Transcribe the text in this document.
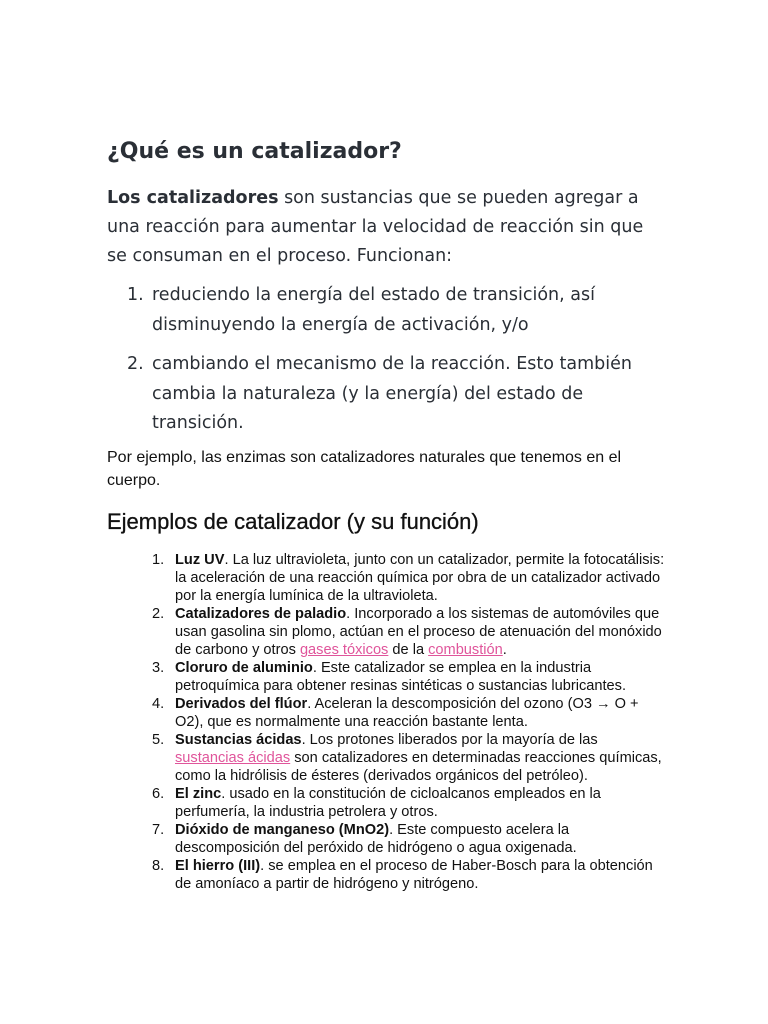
¿Qué es un catalizador?

Los catalizadores son sustancias que se pueden agregar a una reacción para aumentar la velocidad de reacción sin que se consuman en el proceso. Funcionan:

1. reduciendo la energía del estado de transición, así disminuyendo la energía de activación, y/o
2. cambiando el mecanismo de la reacción. Esto también cambia la naturaleza (y la energía) del estado de transición.

Por ejemplo, las enzimas son catalizadores naturales que tenemos en el cuerpo.

Ejemplos de catalizador (y su función)
1. Luz UV. La luz ultravioleta, junto con un catalizador, permite la fotocatálisis: la aceleración de una reacción química por obra de un catalizador activado por la energía lumínica de la ultravioleta.
2. Catalizadores de paladio. Incorporado a los sistemas de automóviles que usan gasolina sin plomo, actúan en el proceso de atenuación del monóxido de carbono y otros gases tóxicos de la combustión.
3. Cloruro de aluminio. Este catalizador se emplea en la industria petroquímica para obtener resinas sintéticas o sustancias lubricantes.
4. Derivados del flúor. Aceleran la descomposición del ozono (O3 → O + O2), que es normalmente una reacción bastante lenta.
5. Sustancias ácidas. Los protones liberados por la mayoría de las sustancias ácidas son catalizadores en determinadas reacciones químicas, como la hidrólisis de ésteres (derivados orgánicos del petróleo).
6. El zinc. usado en la constitución de cicloalcanos empleados en la perfumería, la industria petrolera y otros.
7. Dióxido de manganeso (MnO2). Este compuesto acelera la descomposición del peróxido de hidrógeno o agua oxigenada.
8. El hierro (III). se emplea en el proceso de Haber-Bosch para la obtención de amoníaco a partir de hidrógeno y nitrógeno.
